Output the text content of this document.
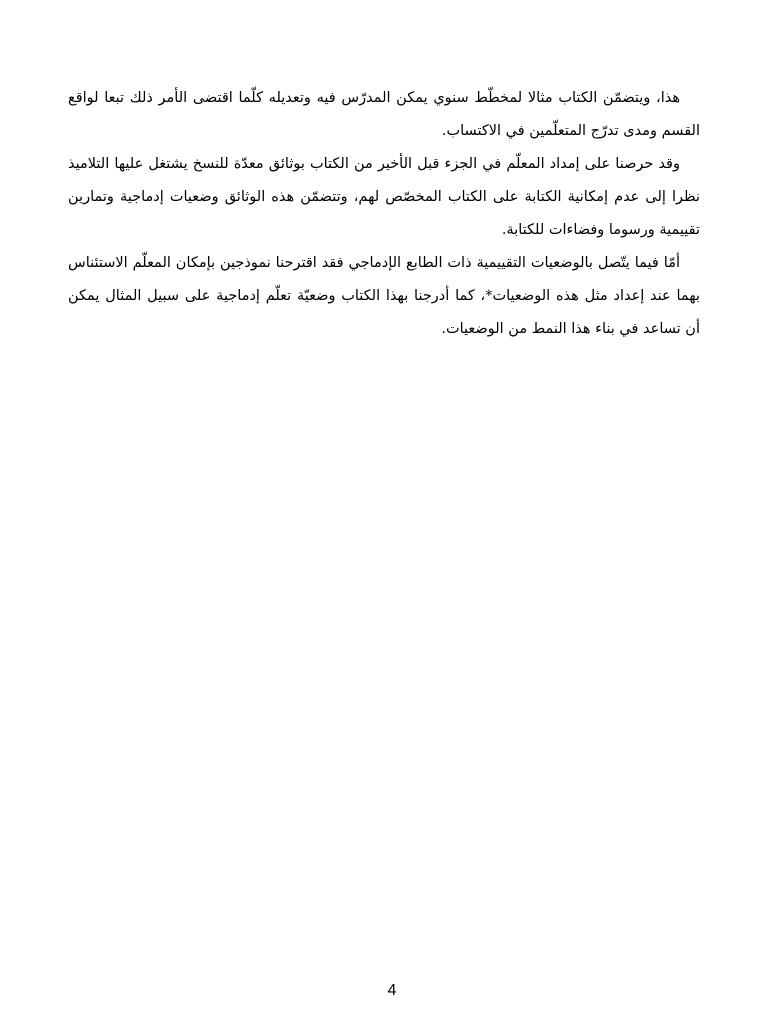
هذا، ويتضمّن الكتاب مثالا لمخطّط سنوي يمكن المدرّس فيه وتعديله كلّما اقتضى الأمر ذلك تبعا لواقع القسم ومدى تدرّج المتعلّمين في الاكتساب.

وقد حرصنا على إمداد المعلّم في الجزء قبل الأخير من الكتاب بوثائق معدّة للنسخ يشتغل عليها التلاميذ نظرا إلى عدم إمكانية الكتابة على الكتاب المخصّص لهم، وتتضمّن هذه الوثائق وضعيات إدماجية وتمارين تقييمية ورسوما وفضاءات للكتابة.

أمّا فيما يتّصل بالوضعيات التقييمية ذات الطابع الإدماجي فقد اقترحنا نموذجين بإمكان المعلّم الاستئناس بهما عند إعداد مثل هذه الوضعيات*، كما أدرجنا بهذا الكتاب وضعيّة تعلّم إدماجية على سبيل المثال يمكن أن تساعد في بناء هذا النمط من الوضعيات.

4
